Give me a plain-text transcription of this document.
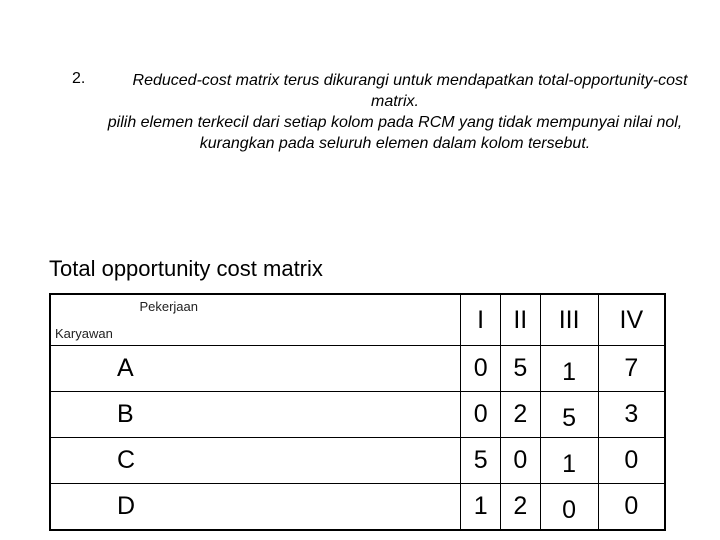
2.	Reduced-cost matrix terus dikurangi untuk mendapatkan total-opportunity-cost matrix.

pilih elemen terkecil dari setiap kolom pada RCM yang tidak mempunyai nilai nol, kurangkan pada seluruh elemen dalam kolom tersebut.

Total opportunity cost matrix
Pekerjaan
Karyawan	I	II	III	IV
A	0	5	1	7
B	0	2	5	3
C	5	0	1	0
D	1	2	0	0
